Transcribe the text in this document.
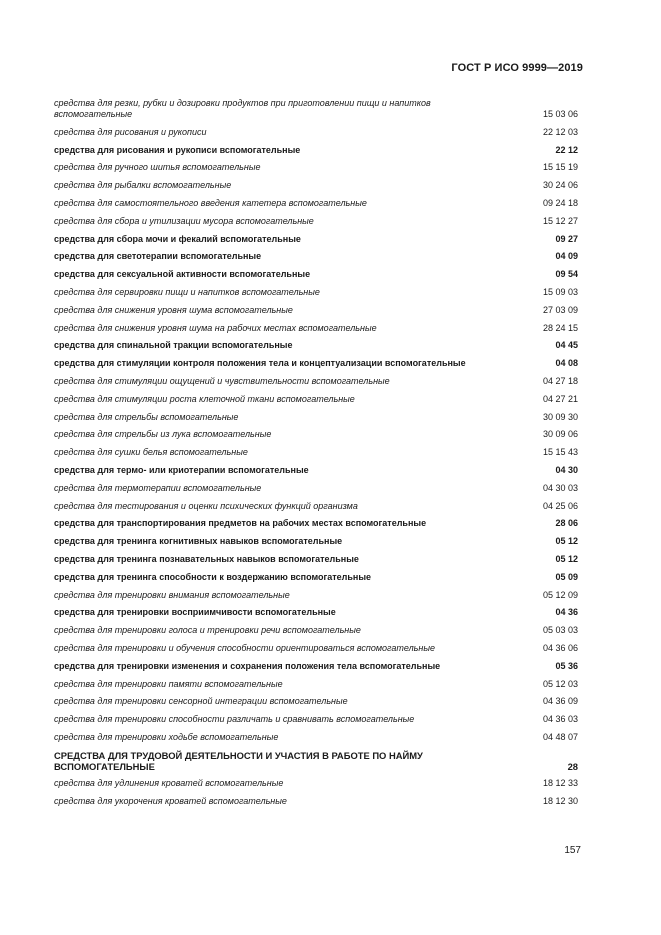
ГОСТ Р ИСО 9999—2019
средства для резки, рубки и дозировки продуктов при приготовлении пищи и напитков вспомогательные	15 03 06
средства для рисования и рукописи	22 12 03
средства для рисования и рукописи вспомогательные	22 12
средства для ручного шитья вспомогательные	15 15 19
средства для рыбалки вспомогательные	30 24 06
средства для самостоятельного введения катетера вспомогательные	09 24 18
средства для сбора и утилизации мусора вспомогательные	15 12 27
средства для сбора мочи и фекалий вспомогательные	09 27
средства для светотерапии вспомогательные	04 09
средства для сексуальной активности вспомогательные	09 54
средства для сервировки пищи и напитков вспомогательные	15 09 03
средства для снижения уровня шума вспомогательные	27 03 09
средства для снижения уровня шума на рабочих местах вспомогательные	28 24 15
средства для спинальной тракции вспомогательные	04 45
средства для стимуляции контроля положения тела и концептуализации вспомогательные	04 08
средства для стимуляции ощущений и чувствительности вспомогательные	04 27 18
средства для стимуляции роста клеточной ткани вспомогательные	04 27 21
средства для стрельбы вспомогательные	30 09 30
средства для стрельбы из лука вспомогательные	30 09 06
средства для сушки белья вспомогательные	15 15 43
средства для термо- или криотерапии вспомогательные	04 30
средства для термотерапии вспомогательные	04 30 03
средства для тестирования и оценки психических функций организма	04 25 06
средства для транспортирования предметов на рабочих местах вспомогательные	28 06
средства для тренинга когнитивных навыков вспомогательные	05 12
средства для тренинга познавательных навыков вспомогательные	05 12
средства для тренинга способности к воздержанию вспомогательные	05 09
средства для тренировки внимания вспомогательные	05 12 09
средства для тренировки восприимчивости вспомогательные	04 36
средства для тренировки голоса и тренировки речи вспомогательные	05 03 03
средства для тренировки и обучения способности ориентироваться вспомогательные	04 36 06
средства для тренировки изменения и сохранения положения тела вспомогательные	05 36
средства для тренировки памяти вспомогательные	05 12 03
средства для тренировки сенсорной интеграции вспомогательные	04 36 09
средства для тренировки способности различать и сравнивать вспомогательные	04 36 03
средства для тренировки ходьбе вспомогательные	04 48 07
СРЕДСТВА ДЛЯ ТРУДОВОЙ ДЕЯТЕЛЬНОСТИ И УЧАСТИЯ В РАБОТЕ ПО НАЙМУ ВСПОМОГАТЕЛЬНЫЕ	28
средства для удлинения кроватей вспомогательные	18 12 33
средства для укорочения кроватей вспомогательные	18 12 30
157
